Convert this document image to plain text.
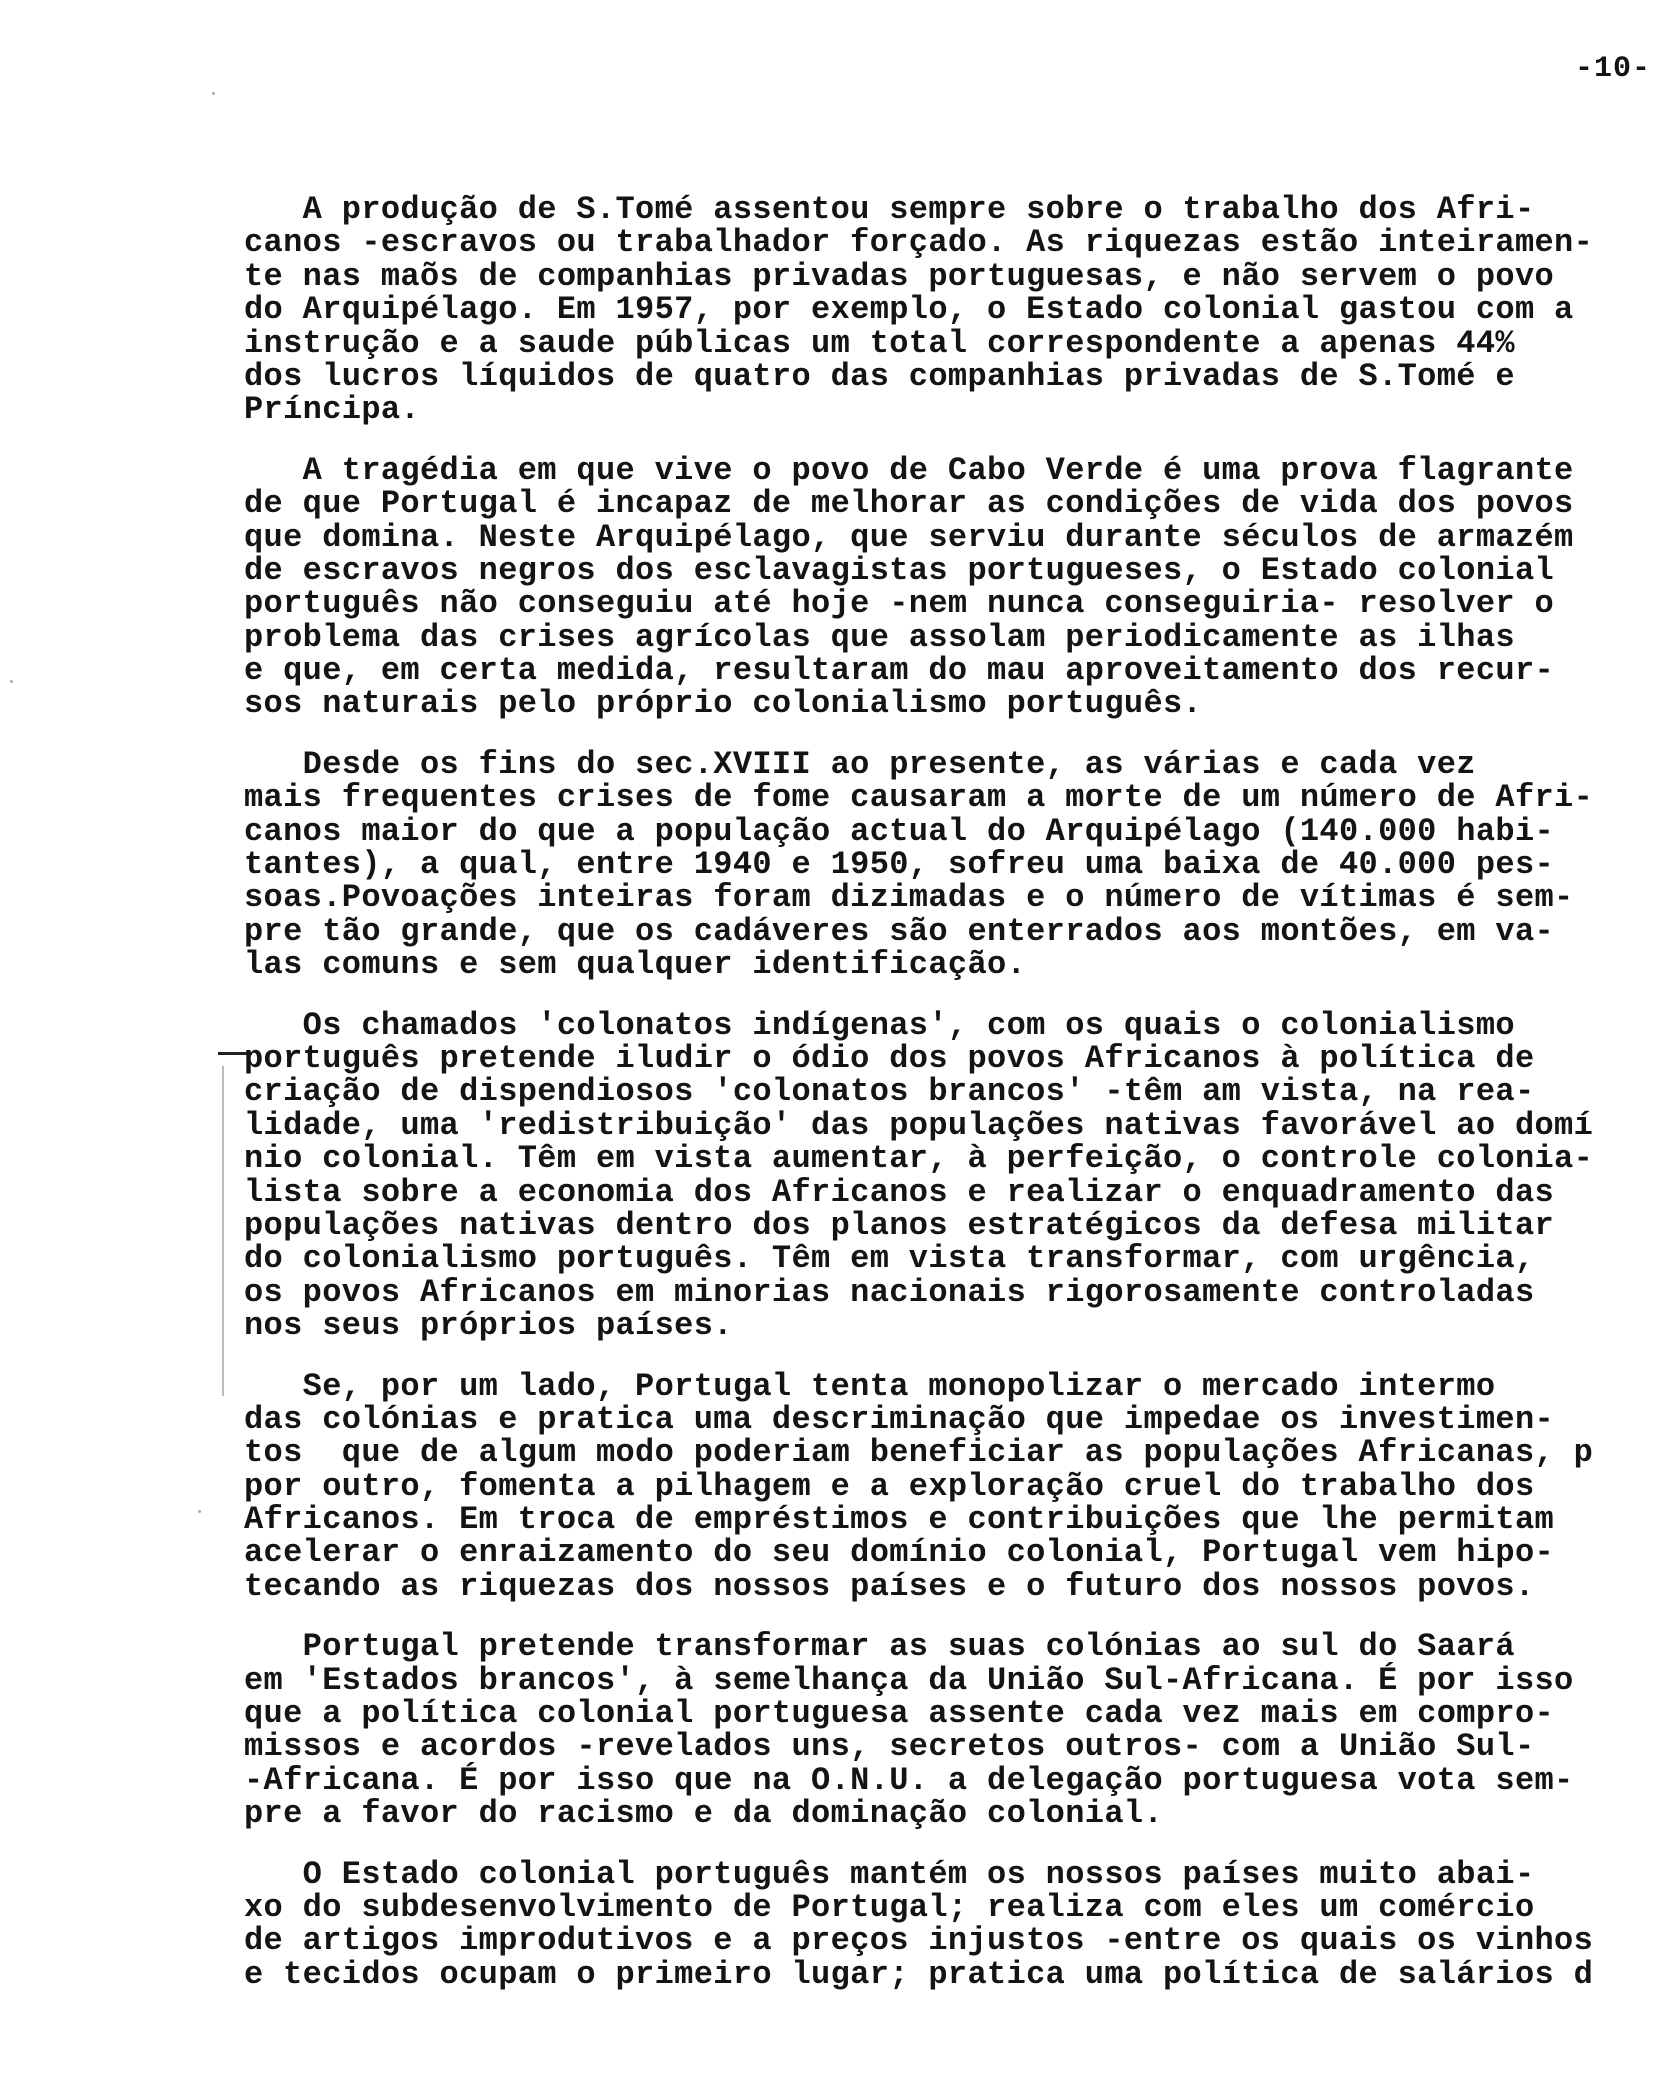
-10-
A produção de S.Tomé assentou sempre sobre o trabalho dos Afri-
canos -escravos ou trabalhador forçado. As riquezas estão inteiramen-
te nas maõs de companhias privadas portuguesas, e não servem o povo
do Arquipélago. Em 1957, por exemplo, o Estado colonial gastou com a
instrução e a saude públicas um total correspondente a apenas 44%
dos lucros líquidos de quatro das companhias privadas de S.Tomé e
Príncipa.
A tragédia em que vive o povo de Cabo Verde é uma prova flagrante
de que Portugal é incapaz de melhorar as condições de vida dos povos
que domina. Neste Arquipélago, que serviu durante séculos de armazém
de escravos negros dos esclavagistas portugueses, o Estado colonial
português não conseguiu até hoje -nem nunca conseguiria- resolver o
problema das crises agrícolas que assolam periodicamente as ilhas
e que, em certa medida, resultaram do mau aproveitamento dos recur-
sos naturais pelo próprio colonialismo português.
Desde os fins do sec.XVIII ao presente, as várias e cada vez
mais frequentes crises de fome causaram a morte de um número de Afri-
canos maior do que a população actual do Arquipélago (140.000 habi-
tantes), a qual, entre 1940 e 1950, sofreu uma baixa de 40.000 pes-
soas.Povoações inteiras foram dizimadas e o número de vítimas é sem-
pre tão grande, que os cadáveres são enterrados aos montões, em va-
las comuns e sem qualquer identificação.
Os chamados 'colonatos indígenas', com os quais o colonialismo
português pretende iludir o ódio dos povos Africanos à política de
criação de dispendiosos 'colonatos brancos' -têm am vista, na rea-
lidade, uma 'redistribuição' das populações nativas favorável ao domí
nio colonial. Têm em vista aumentar, à perfeição, o controle colonia-
lista sobre a economia dos Africanos e realizar o enquadramento das
populações nativas dentro dos planos estratégicos da defesa militar
do colonialismo português. Têm em vista transformar, com urgência,
os povos Africanos em minorias nacionais rigorosamente controladas
nos seus próprios países.
Se, por um lado, Portugal tenta monopolizar o mercado intermo
das colónias e pratica uma descriminação que impedae os investimen-
tos  que de algum modo poderiam beneficiar as populações Africanas, p
por outro, fomenta a pilhagem e a exploração cruel do trabalho dos
Africanos. Em troca de empréstimos e contribuições que lhe permitam
acelerar o enraizamento do seu domínio colonial, Portugal vem hipo-
tecando as riquezas dos nossos países e o futuro dos nossos povos.
Portugal pretende transformar as suas colónias ao sul do Saará
em 'Estados brancos', à semelhança da União Sul-Africana. É por isso
que a política colonial portuguesa assente cada vez mais em compro-
missos e acordos -revelados uns, secretos outros- com a União Sul-
-Africana. É por isso que na O.N.U. a delegação portuguesa vota sem-
pre a favor do racismo e da dominação colonial.
O Estado colonial português mantém os nossos países muito abai-
xo do subdesenvolvimento de Portugal; realiza com eles um comércio
de artigos improdutivos e a preços injustos -entre os quais os vinhos
e tecidos ocupam o primeiro lugar; pratica uma política de salários d
